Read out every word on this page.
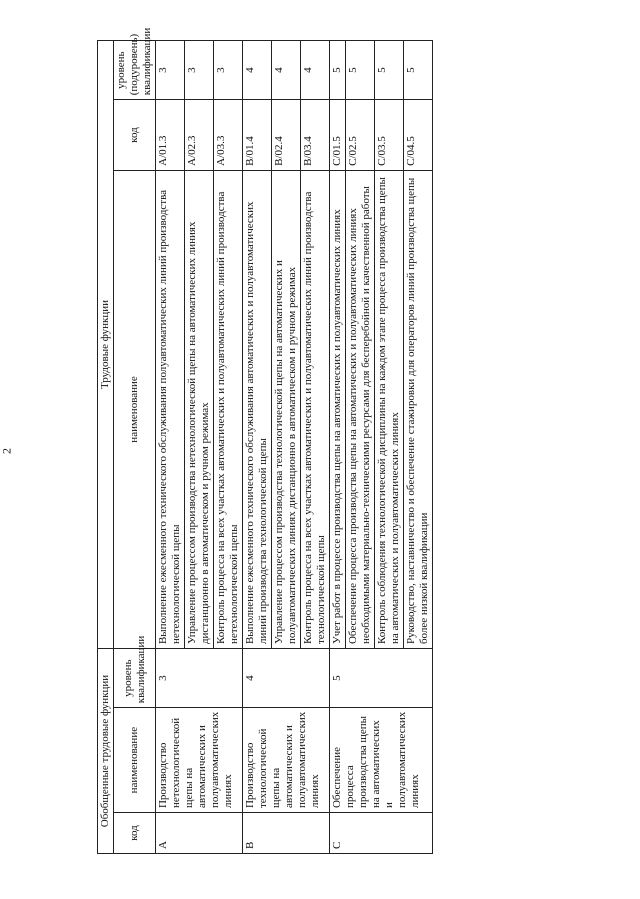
2
Обобщенные трудовые функции			Трудовые функции		
код	наименование	уровень квалификации	наименование	код	уровень (подуровень) квалификации
A	Производство нетехнологической щепы на автоматических и полуавтоматических линиях	3	Выполнение ежесменного технического обслуживания полуавтоматических линий производства нетехнологической щепы	A/01.3	3
			Управление процессом производства нетехнологической щепы на автоматических линиях дистанционно в автоматическом и ручном режимах	A/02.3	3
			Контроль процесса на всех участках автоматических и полуавтоматических линий производства нетехнологической щепы	A/03.3	3
B	Производство технологической щепы на автоматических и полуавтоматических линиях	4	Выполнение ежесменного технического обслуживания автоматических и полуавтоматических линий производства технологической щепы	B/01.4	4
			Управление процессом производства технологической щепы на автоматических и полуавтоматических линиях дистанционно в автоматическом и ручном режимах	B/02.4	4
			Контроль процесса на всех участках автоматических и полуавтоматических линий производства технологической щепы	B/03.4	4
C	Обеспечение процесса производства щепы на автоматических и полуавтоматических линиях	5	Учет работ в процессе производства щепы на автоматических и полуавтоматических линиях	C/01.5	5
			Обеспечение процесса производства щепы на автоматических и полуавтоматических линиях необходимыми материально-техническими ресурсами для бесперебойной и качественной работы	C/02.5	5
			Контроль соблюдения технологической дисциплины на каждом этапе процесса производства щепы на автоматических и полуавтоматических линиях	C/03.5	5
			Руководство, наставничество и обеспечение стажировки для операторов линий производства щепы более низкой квалификации	C/04.5	5
